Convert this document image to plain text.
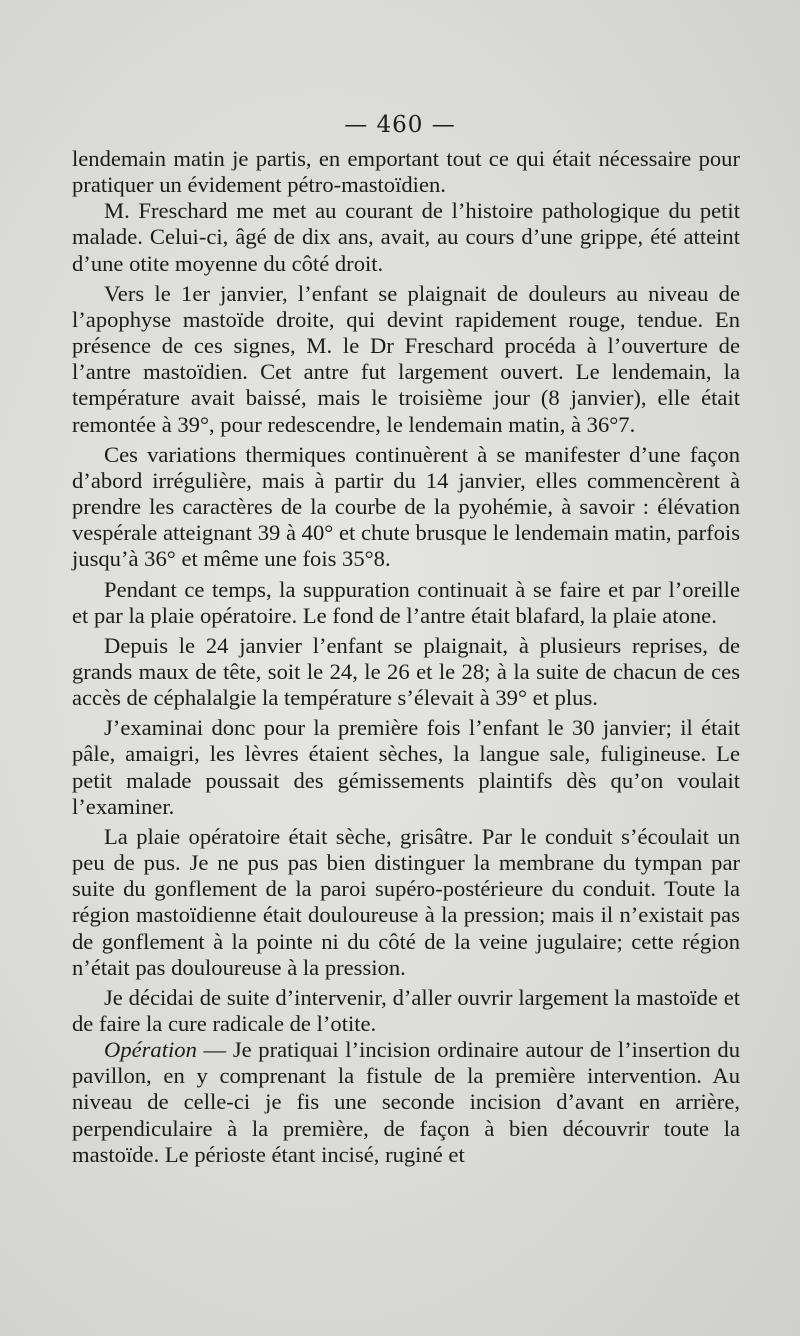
— 460 —

lendemain matin je partis, en emportant tout ce qui était nécessaire pour pratiquer un évidement pétro-mastoïdien.

M. Freschard me met au courant de l’histoire pathologique du petit malade. Celui-ci, âgé de dix ans, avait, au cours d’une grippe, été atteint d’une otite moyenne du côté droit.

Vers le 1er janvier, l’enfant se plaignait de douleurs au niveau de l’apophyse mastoïde droite, qui devint rapidement rouge, tendue. En présence de ces signes, M. le Dr Freschard procéda à l’ouverture de l’antre mastoïdien. Cet antre fut largement ouvert. Le lendemain, la température avait baissé, mais le troisième jour (8 janvier), elle était remontée à 39°, pour redescendre, le lendemain matin, à 36°7.

Ces variations thermiques continuèrent à se manifester d’une façon d’abord irrégulière, mais à partir du 14 janvier, elles commencèrent à prendre les caractères de la courbe de la pyohémie, à savoir : élévation vespérale atteignant 39 à 40° et chute brusque le lendemain matin, parfois jusqu’à 36° et même une fois 35°8.

Pendant ce temps, la suppuration continuait à se faire et par l’oreille et par la plaie opératoire. Le fond de l’antre était blafard, la plaie atone.

Depuis le 24 janvier l’enfant se plaignait, à plusieurs reprises, de grands maux de tête, soit le 24, le 26 et le 28; à la suite de chacun de ces accès de céphalalgie la température s’élevait à 39° et plus.

J’examinai donc pour la première fois l’enfant le 30 janvier; il était pâle, amaigri, les lèvres étaient sèches, la langue sale, fuligineuse. Le petit malade poussait des gémissements plaintifs dès qu’on voulait l’examiner.

La plaie opératoire était sèche, grisâtre. Par le conduit s’écoulait un peu de pus. Je ne pus pas bien distinguer la membrane du tympan par suite du gonflement de la paroi supéro-postérieure du conduit. Toute la région mastoïdienne était douloureuse à la pression; mais il n’existait pas de gonflement à la pointe ni du côté de la veine jugulaire; cette région n’était pas douloureuse à la pression.

Je décidai de suite d’intervenir, d’aller ouvrir largement la mastoïde et de faire la cure radicale de l’otite.

Opération — Je pratiquai l’incision ordinaire autour de l’insertion du pavillon, en y comprenant la fistule de la première intervention. Au niveau de celle-ci je fis une seconde incision d’avant en arrière, perpendiculaire à la première, de façon à bien découvrir toute la mastoïde. Le périoste étant incisé, ruginé et
